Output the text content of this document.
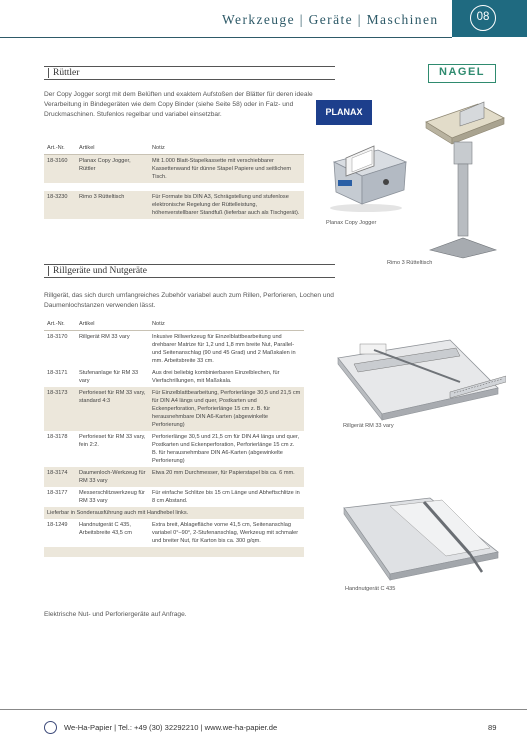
Werkzeuge | Geräte | Maschinen	08
Rüttler
Der Copy Jogger sorgt mit dem Belüften und exaktem Aufstoßen der Blätter für deren ideale Verarbeitung in Bindegeräten wie dem Copy Binder (siehe Seite 58) oder in Falz- und Druckmaschinen. Stufenlos regelbar und variabel einsetzbar.
Art.-Nr.	Artikel	Notiz
18-3160	Planax Copy Jogger, Rüttler	Mit 1.000 Blatt-Stapelkassette mit verschiebbarer Kassettenwand für dünne Stapel Papiere und seitlichem Tisch.

18-3230	Rimo 3 Rütteltisch	Für Formate bis DIN A3, Schrägstellung und stufenlose elektronische Regelung der Rüttelleistung, höhenverstellbarer Standfuß (lieferbar auch als Tischgerät).
NAGEL
PLANAX
Planax Copy Jogger
Rimo 3 Rütteltisch
Rillgeräte und Nutgeräte
Rillgerät, das sich durch umfangreiches Zubehör variabel auch zum Rillen, Perforieren, Lochen und Daumenlochstanzen verwenden lässt.
Art.-Nr.	Artikel	Notiz
18-3170	Rillgerät RM 33 vary	Inkusive Rillwerkzeug für Einzelblattbearbeitung und drehbarer Matrize für 1,2 und 1,8 mm breite Nut, Parallel- und Seitenanschlag (90 und 45 Grad) und 2 Maßskalen in mm. Arbeitsbreite 33 cm.
18-3171	Stufenanlage für RM 33 vary	Aus drei beliebig kombinierbaren Einzelblechen, für Vierfachrillungen, mit Maßskala.
18-3173	Perforieset für RM 33 vary, standard 4:3	Für Einzelblattbearbeitung, Perforierlänge 30,5 und 21,5 cm für DIN A4 längs und quer, Postkarten und Eckenperforation, Perforierlänge 15 cm z. B. für herausnehmbare DIN A6-Karten (abgewinkelte Perforierung)
18-3178	Perforieset für RM 33 vary, fein 2:2.	Perforierlänge 30,5 und 21,5 cm für DIN A4 längs und quer, Postkarten und Eckenperforation, Perforierlänge 15 cm z. B. für herausnehmbare DIN A6-Karten (abgewinkelte Perforierung)
18-3174	Daumenloch-Werkzeug für RM 33 vary	Etwa 20 mm Durchmesser, für Papierstapel bis ca. 6 mm.
18-3177	Messerschlitzwerkzeug für RM 33 vary	Für einfache Schlitze bis 15 cm Länge und Abheftschlitze in 8 cm Abstand.
Lieferbar in Sonderausführung auch mit Handhebel links.		
18-1249	Handnutgerät C 435, Arbeitsbreite 43,5 cm	Extra breit, Ablagefläche vorne 41,5 cm, Seitenanschlag variabel 0°–90°, 2-Stufenanschlag, Werkzeug mit schmaler und breiter Nut, für Karton bis ca. 300 g/qm.

Rillgerät RM 33 vary
Handnutgerät C 435
Elektrische Nut- und Perforiergeräte auf Anfrage.
We-Ha-Papier | Tel.: +49 (30) 32292210 | www.we-ha-papier.de	89
